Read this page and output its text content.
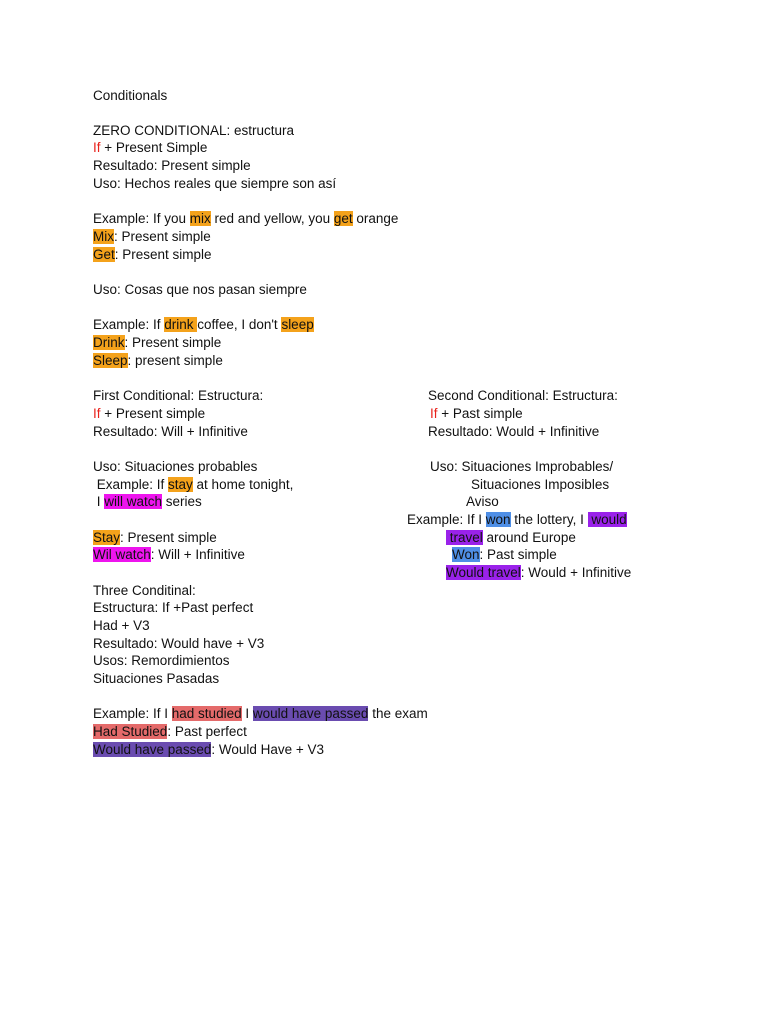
Conditionals
ZERO CONDITIONAL: estructura
If + Present Simple
Resultado: Present simple
Uso: Hechos reales que siempre son así
Example: If you mix red and yellow, you get orange
Mix: Present simple
Get: Present simple
Uso: Cosas que nos pasan siempre
Example: If drink coffee, I don't sleep
Drink: Present simple
Sleep: present simple
First Conditional: Estructura:
If + Present simple
Resultado: Will + Infinitive
Uso: Situaciones probables
Example: If stay at home tonight,
I will watch series
Stay: Present simple
Wil watch: Will + Infinitive
Second Conditional: Estructura:
If + Past simple
Resultado: Would + Infinitive
Uso: Situaciones Improbables/
Situaciones Imposibles
Aviso
Example: If I won the lottery, I  would
travel around Europe
Won: Past simple
Would travel: Would + Infinitive
Three Conditinal:
Estructura: If +Past perfect
Had + V3
Resultado: Would have + V3
Usos: Remordimientos
Situaciones Pasadas
Example: If I had studied I would have passed the exam
Had Studied: Past perfect
Would have passed: Would Have + V3
